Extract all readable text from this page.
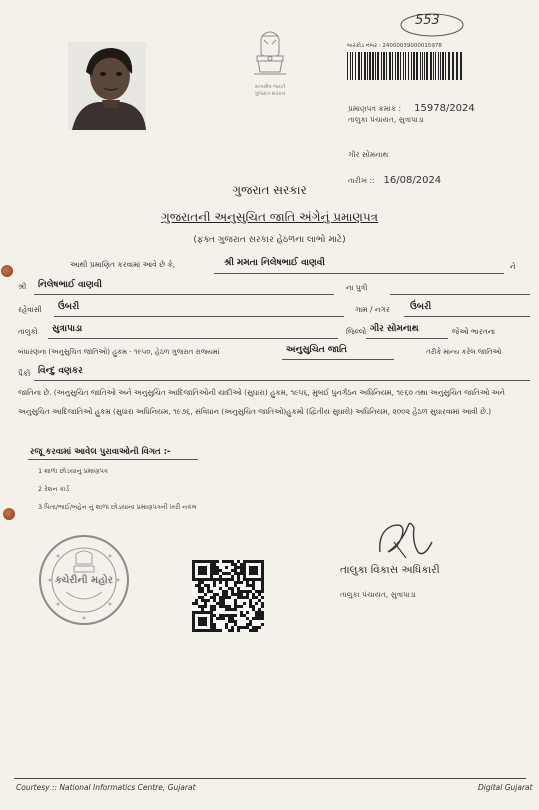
553
સત્યમેવ જયતે
ગુજરાત સરકાર
બારકોડ નંબર : 24000039000015978
પ્રમાણપત્ર ક્રમાંક : 15978/2024
તાલુકા પંચાયત, સુત્રાપાડા
ગીર સોમનાથ
તારીખ :: 16/08/2024
ગુજરાત સરકાર
ગુજરાતની અનુસુચિત જાતિ અંગેનું પ્રમાણપત્ર
(ફક્ત ગુજરાત સરકાર હેઠળના લાભો માટે)
આથી પ્રમાણિત કરવામાં આવે છે કે,	શ્રી મમતા નિલેષભાઈ વાણવી	ને
શ્રી નિલેષભાઈ વાણવી	ના પુત્રી
રહેવાસી ઉંબરી	ગામ / નગર ઉંબરી
તાલુકો સુત્રાપાડા	જિલ્લો ગીર સોમનાથ	જેઓ ભારતના
બંધારણના (અનુસુચિત જાતિઓ) હુકમ - ૧૯૫૦, હેઠળ ગુજરાત રાજ્યમાં	અનુસુચિત જાતિ	તરીકે માન્ય કરેલ જાતિઓ
પૈકી વિન્દુ વણકર
જાતિના છે. (અનુસુચિત જાતિઓ અને અનુસુચિત આદિજાતિઓની યાદીઓ (સુધારા) હુકમ, ૧૯૫૬, મુંબઈ પુનર્ગઠન અધિનિયમ, ૧૯૬૦ તથા અનુસુચિત જાતિઓ અને અનુસુચિત આદિજાતિઓ હુકમ (સુધારા અધિનિયમ, ૧૯૭૬, સંવિધાન (અનુસુચિત જાતિઓ)હુકમો (દ્વિતીય સુધારો) અધિનિયમ, ૨૦૦૨ હેઠળ સુધારવામાં આવી છે.)
રજૂ કરવામાં આવેલ પુરાવાઓની વિગત :-
1 શાળા છોડયાનુ પ્રમાણપત્ર
2 રેશન કાર્ડ
3 પિતા/ભાઈ/બહેન નું શાળા છોડયાના પ્રમાણપત્રની ખરી નકલ
ક્ચેરીની મહોર
તાલુકા વિકાસ અધિકારી
તાલુકા પંચાયત, સુત્રાપાડા
Courtesy :: National Informatics Centre, Gujarat	Digital Gujarat
